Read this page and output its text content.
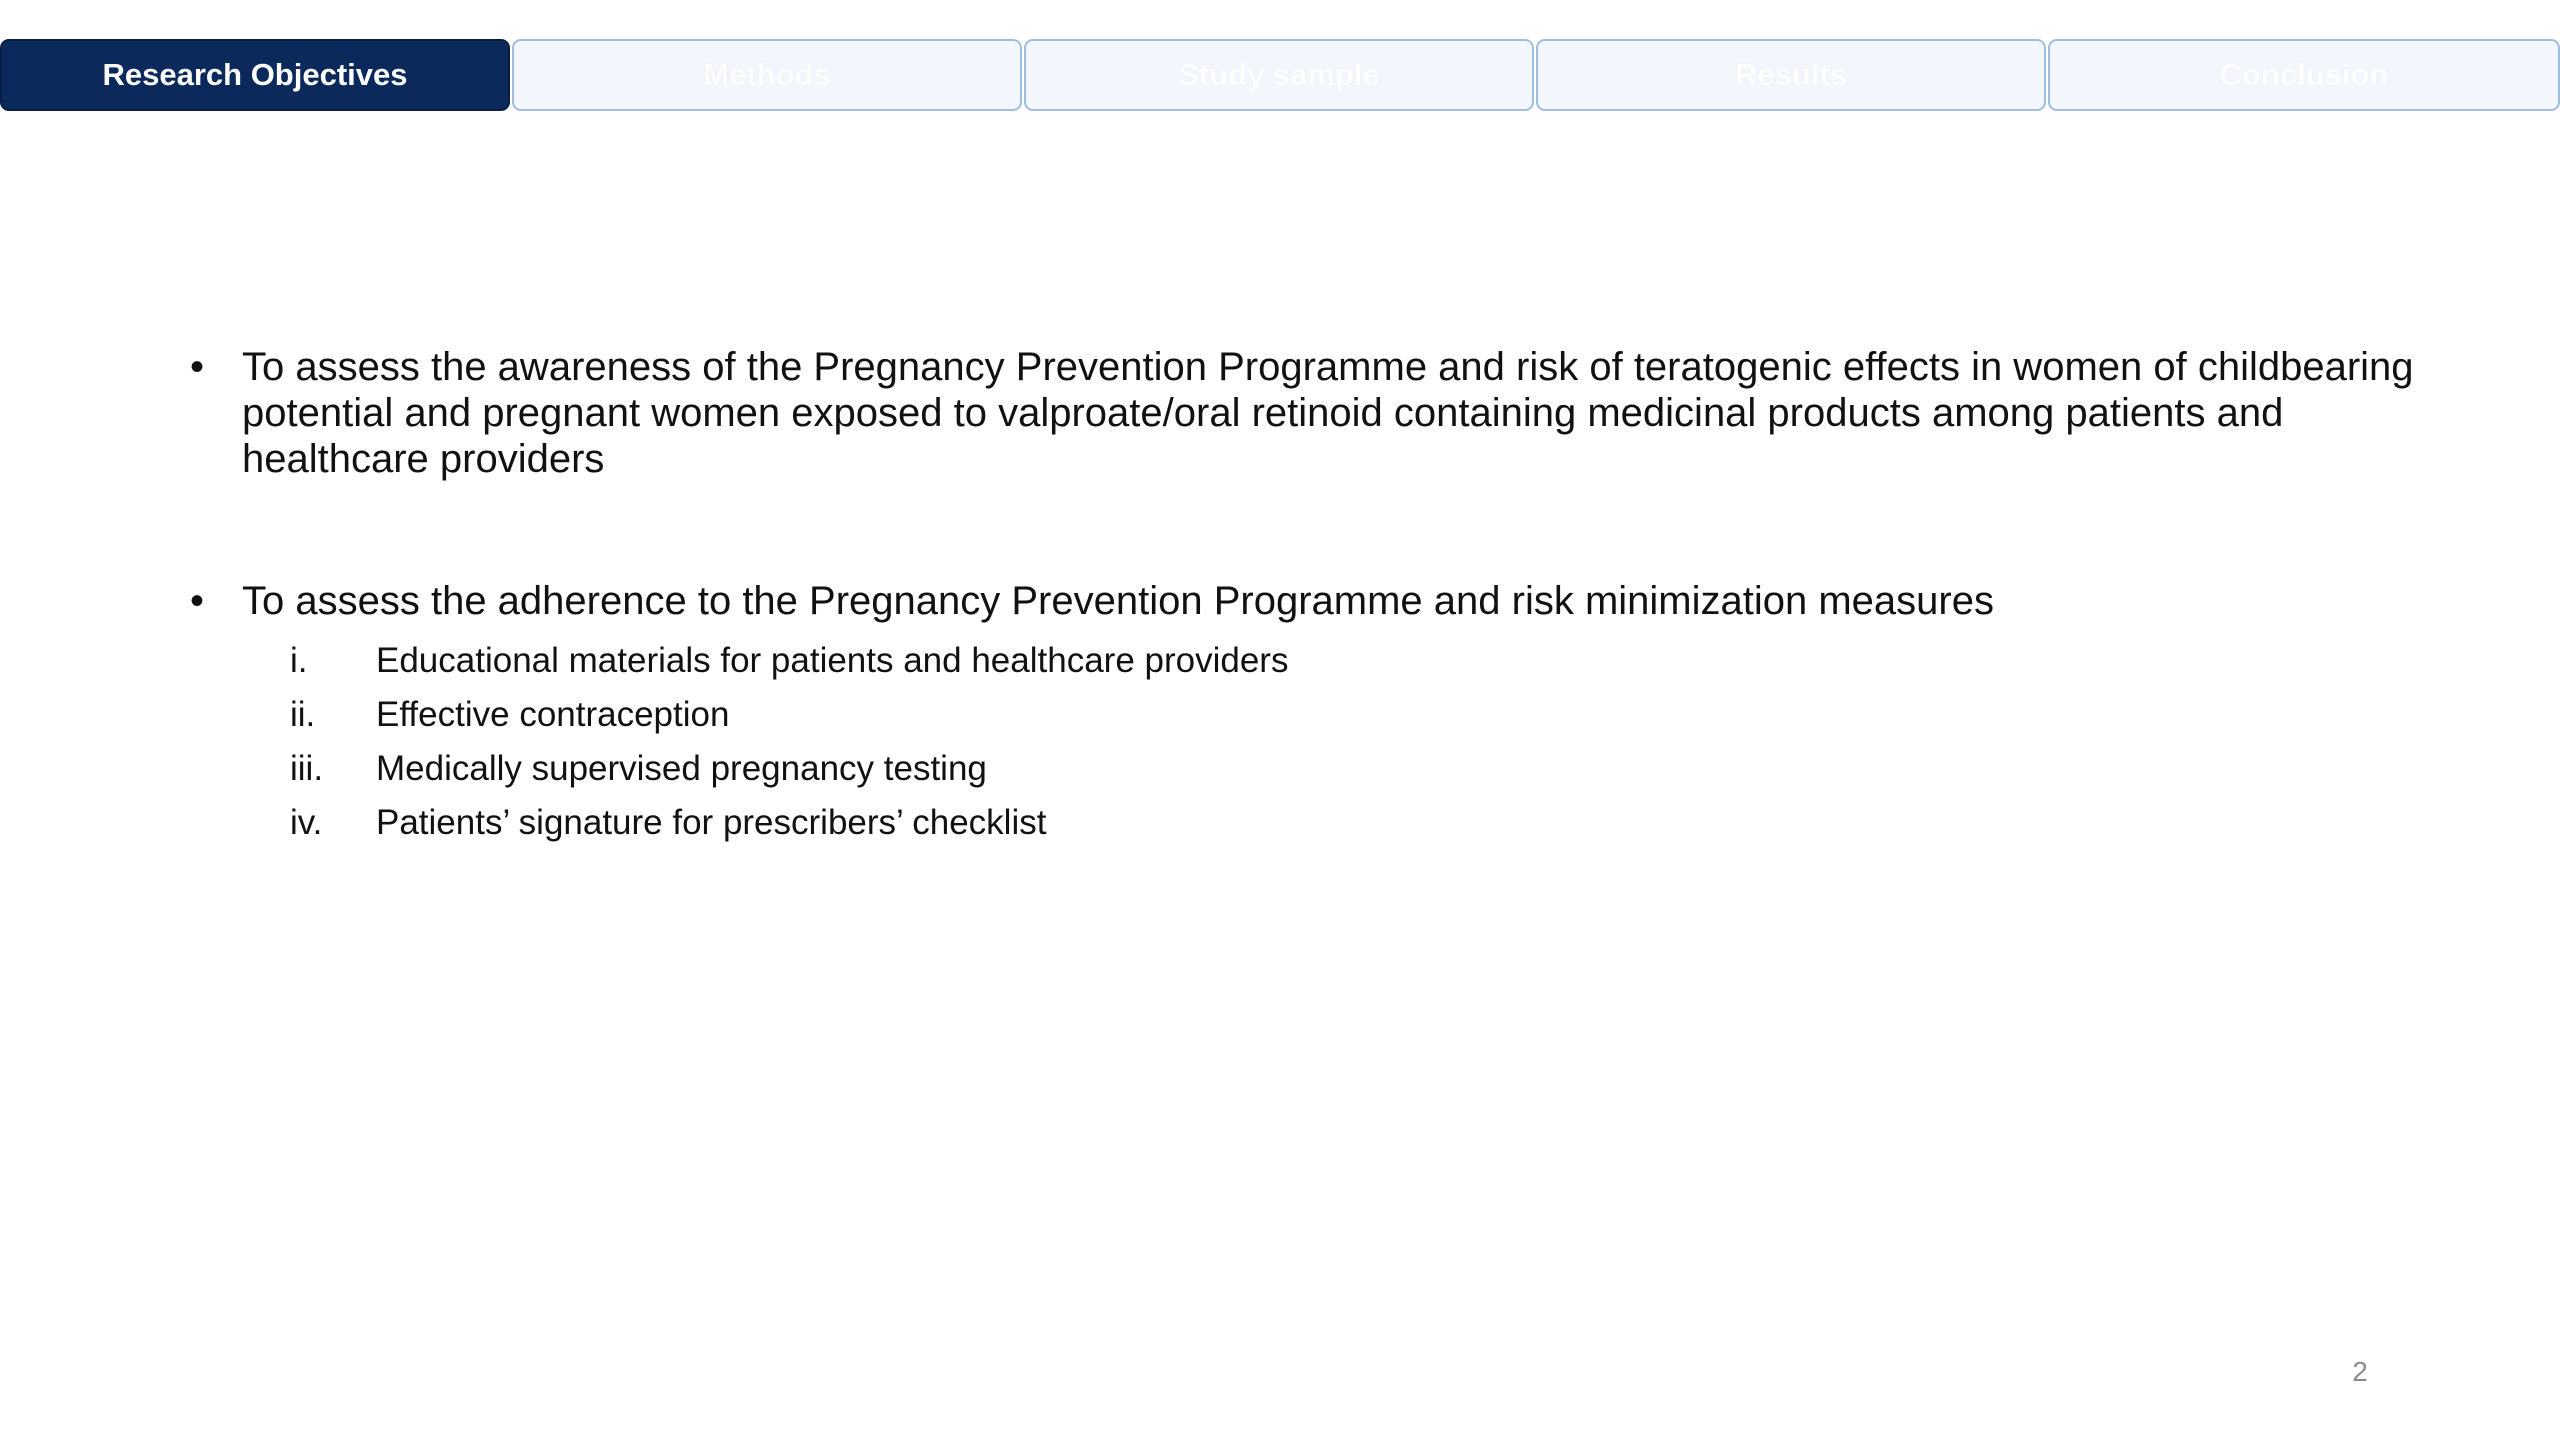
Research Objectives	Methods	Study sample	Results	Conclusion
• To assess the awareness of the Pregnancy Prevention Programme and risk of teratogenic effects in women of childbearing potential and pregnant women exposed to valproate/oral retinoid containing medicinal products among patients and healthcare providers
• To assess the adherence to the Pregnancy Prevention Programme and risk minimization measures
i.	Educational materials for patients and healthcare providers
ii.	Effective contraception
iii.	Medically supervised pregnancy testing
iv.	Patients’ signature for prescribers’ checklist
2
